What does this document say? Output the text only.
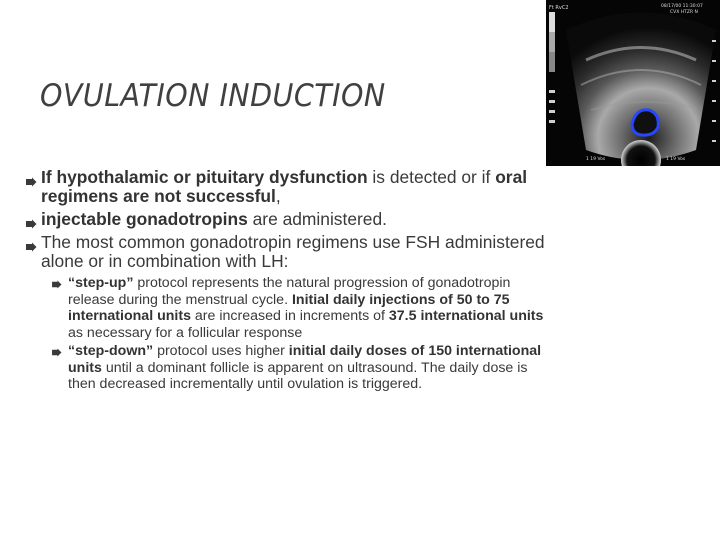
OVULATION INDUCTION
Ft RvC2	08/17/00 11:30:07
CVX HTZR N
1 19 Vos	1 19 Vos

If hypothalamic or pituitary dysfunction is detected or if oral regimens are not successful,

injectable gonadotropins are administered.

The most common gonadotropin regimens use FSH administered alone or in combination with LH:

“step-up” protocol represents the natural progression of gonadotropin release during the menstrual cycle. Initial daily injections of 50 to 75 international units are increased in increments of 37.5 international units as necessary for a follicular response

“step-down” protocol uses higher initial daily doses of 150 international units until a dominant follicle is apparent on ultrasound. The daily dose is then decreased incrementally until ovulation is triggered.
